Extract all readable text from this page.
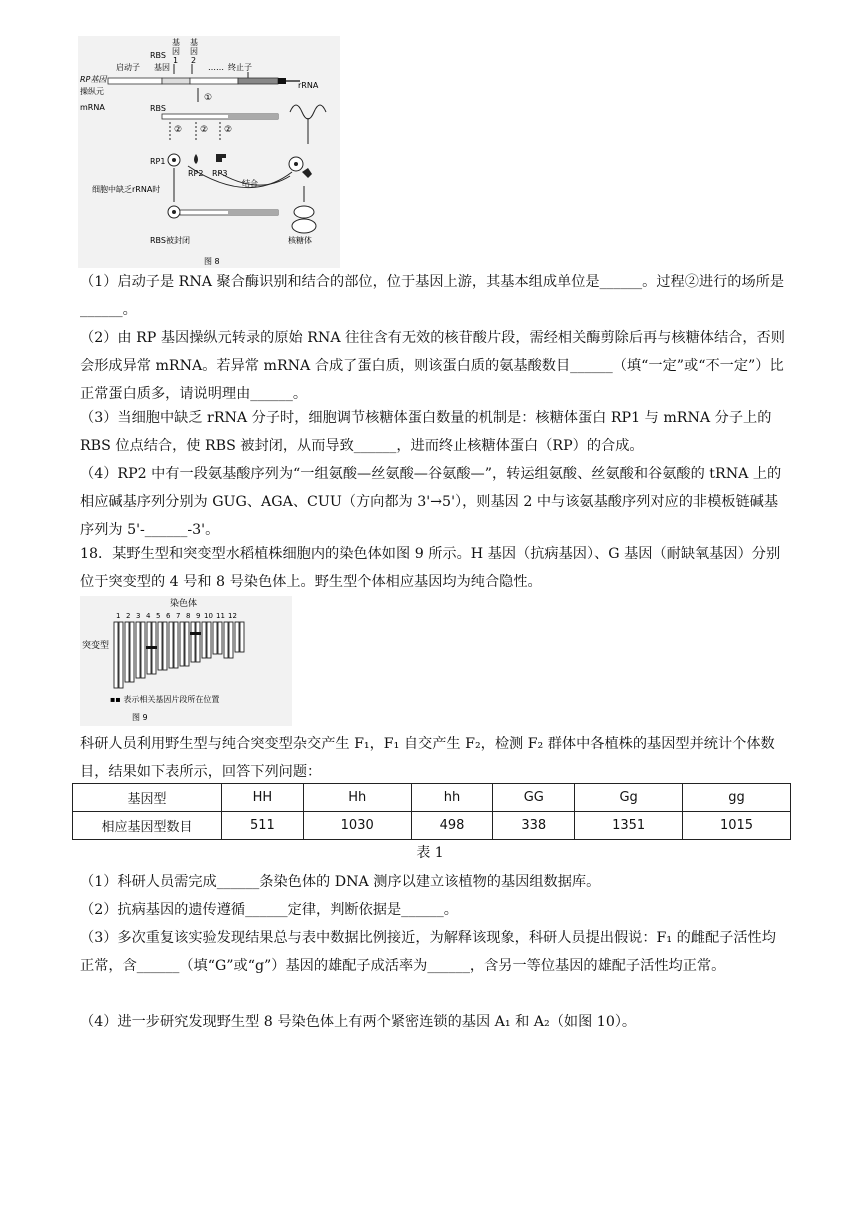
RBS
基
因
1
基
因
2
启动子 基因	…… 终止子
RP基因
操纵元
mRNA
①
RBS
② ② ②
RP1
RP2 RP3
rRNA
结合
细胞中缺乏rRNA时
RBS被封闭	核糖体
图 8

（1）启动子是 RNA 聚合酶识别和结合的部位，位于基因上游，其基本组成单位是______。过程②进行的场所是______。

（2）由 RP 基因操纵元转录的原始 RNA 往往含有无效的核苷酸片段，需经相关酶剪除后再与核糖体结合，否则会形成异常 mRNA。若异常 mRNA 合成了蛋白质，则该蛋白质的氨基酸数目______（填“一定”或“不一定”）比正常蛋白质多，请说明理由______。

（3）当细胞中缺乏 rRNA 分子时，细胞调节核糖体蛋白数量的机制是：核糖体蛋白 RP1 与 mRNA 分子上的 RBS 位点结合，使 RBS 被封闭，从而导致______，进而终止核糖体蛋白（RP）的合成。

（4）RP2 中有一段氨基酸序列为“一组氨酸—丝氨酸—谷氨酸—”，转运组氨酸、丝氨酸和谷氨酸的 tRNA 上的相应碱基序列分别为 GUG、AGA、CUU（方向都为 3'→5'），则基因 2 中与该氨基酸序列对应的非模板链碱基序列为 5'-______-3'。

18．某野生型和突变型水稻植株细胞内的染色体如图 9 所示。H 基因（抗病基因）、G 基因（耐缺氧基因）分别位于突变型的 4 号和 8 号染色体上。野生型个体相应基因均为纯合隐性。

染色体
1 2 3 4 5 6 7 8 9 10 11 12
突变型
▪▪ 表示相关基因片段所在位置
图 9

科研人员利用野生型与纯合突变型杂交产生 F₁，F₁ 自交产生 F₂，检测 F₂ 群体中各植株的基因型并统计个体数目，结果如下表所示，回答下列问题：

基因型	HH	Hh	hh	GG	Gg	gg
相应基因型数目	511	1030	498	338	1351	1015
表 1

（1）科研人员需完成______条染色体的 DNA 测序以建立该植物的基因组数据库。

（2）抗病基因的遗传遵循______定律，判断依据是______。

（3）多次重复该实验发现结果总与表中数据比例接近，为解释该现象，科研人员提出假说：F₁ 的雌配子活性均正常，含______（填“G”或“g”）基因的雄配子成活率为______，含另一等位基因的雄配子活性均正常。

（4）进一步研究发现野生型 8 号染色体上有两个紧密连锁的基因 A₁ 和 A₂（如图 10）。
